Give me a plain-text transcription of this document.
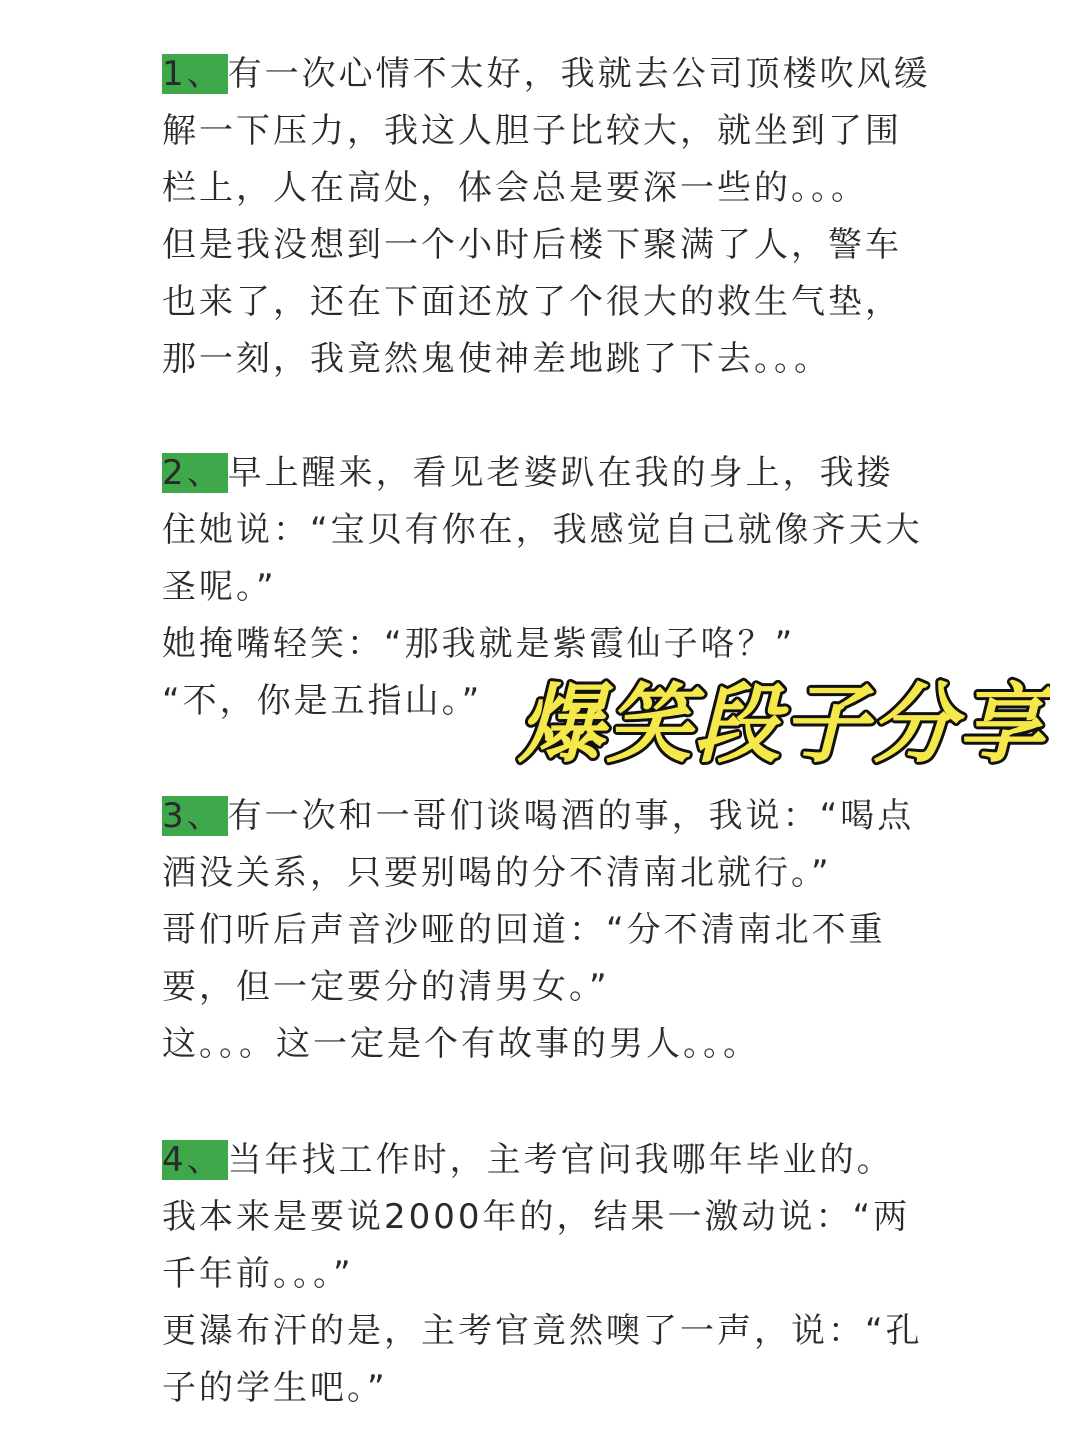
1、 有一次心情不太好，我就去公司顶楼吹风缓
解一下压力，我这人胆子比较大，就坐到了围
栏上，人在高处，体会总是要深一些的。。。
但是我没想到一个小时后楼下聚满了人，警车
也来了，还在下面还放了个很大的救生气垫，
那一刻，我竟然鬼使神差地跳了下去。。。
2、 早上醒来，看见老婆趴在我的身上，我搂
住她说：“宝贝有你在，我感觉自己就像齐天大
圣呢。”
她掩嘴轻笑：“那我就是紫霞仙子咯？”
“不，你是五指山。”
3、 有一次和一哥们谈喝酒的事，我说：“喝点
酒没关系，只要别喝的分不清南北就行。”
哥们听后声音沙哑的回道：“分不清南北不重
要，但一定要分的清男女。”
这。。。这一定是个有故事的男人。。。
4、 当年找工作时，主考官问我哪年毕业的。
我本来是要说2000年的，结果一激动说：“两
千年前。。。”
更瀑布汗的是，主考官竟然噢了一声，说：“孔
子的学生吧。”
爆笑段子分享
